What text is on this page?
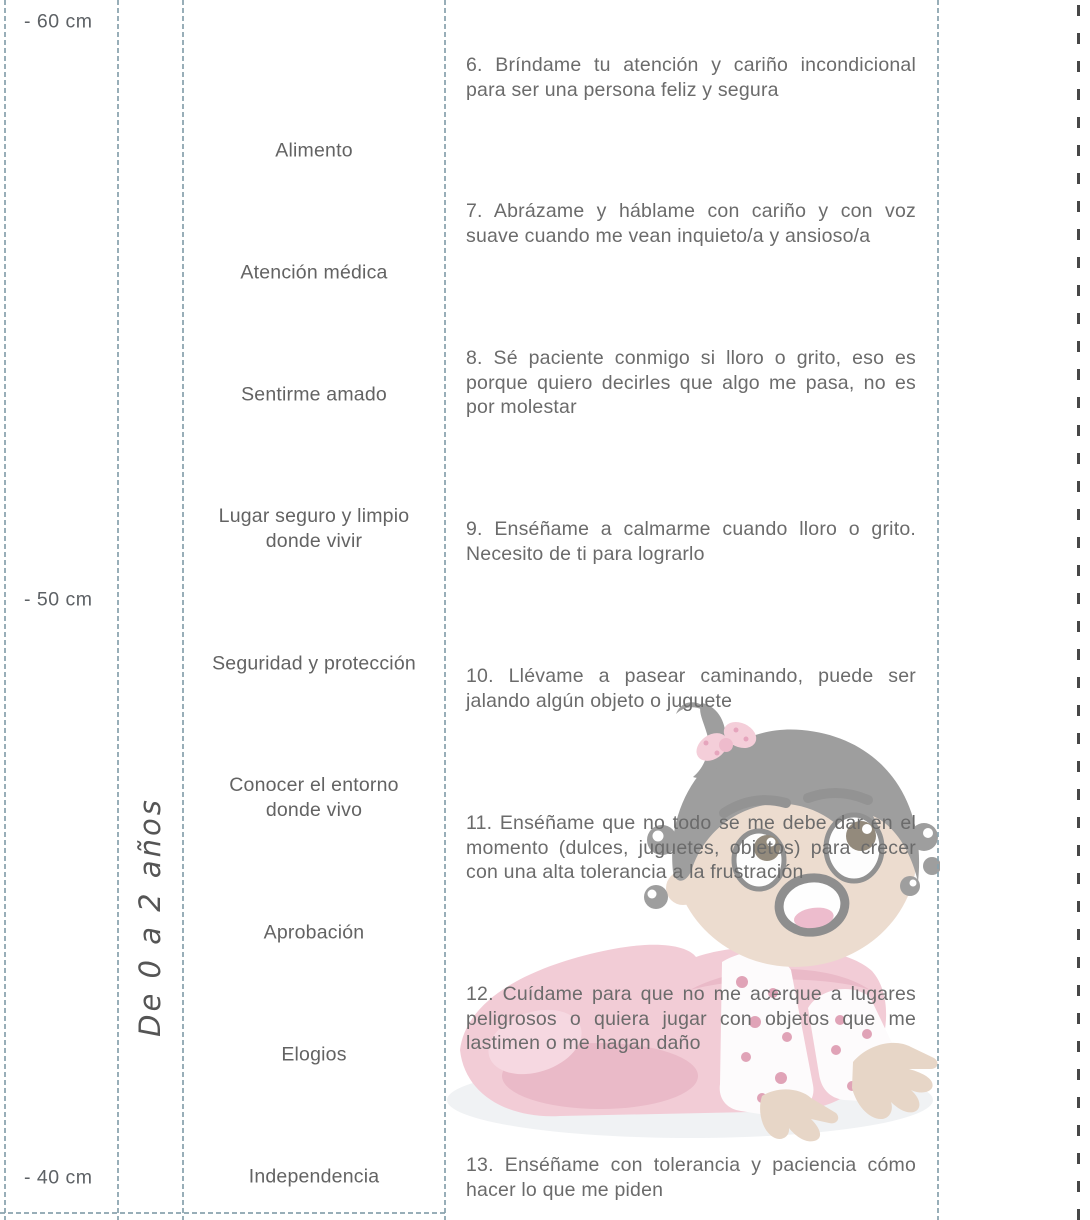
- 60 cm
- 50 cm
- 40 cm
De 0 a 2 años
Alimento
Atención médica
Sentirme amado
Lugar seguro y limpio donde vivir
Seguridad y protección
Conocer el entorno donde vivo
Aprobación
Elogios
Independencia
6. Bríndame tu atención y cariño incondicional para ser una persona feliz y segura
7. Abrázame y háblame con cariño y con voz suave cuando me vean inquieto/a y ansioso/a
8. Sé paciente conmigo si lloro o grito, eso es porque quiero decirles que algo me pasa, no es por molestar
9. Enséñame a calmarme cuando lloro o grito. Necesito de ti para lograrlo
10. Llévame a pasear caminando, puede ser jalando algún objeto o juguete
11. Enséñame que no todo se me debe dar en el momento (dulces, juguetes, objetos) para crecer con una alta tolerancia a la frustración
12. Cuídame para que no me acerque a lugares peligrosos o quiera jugar con objetos que me lastimen o me hagan daño
13. Enséñame con tolerancia y paciencia cómo hacer lo que me piden
